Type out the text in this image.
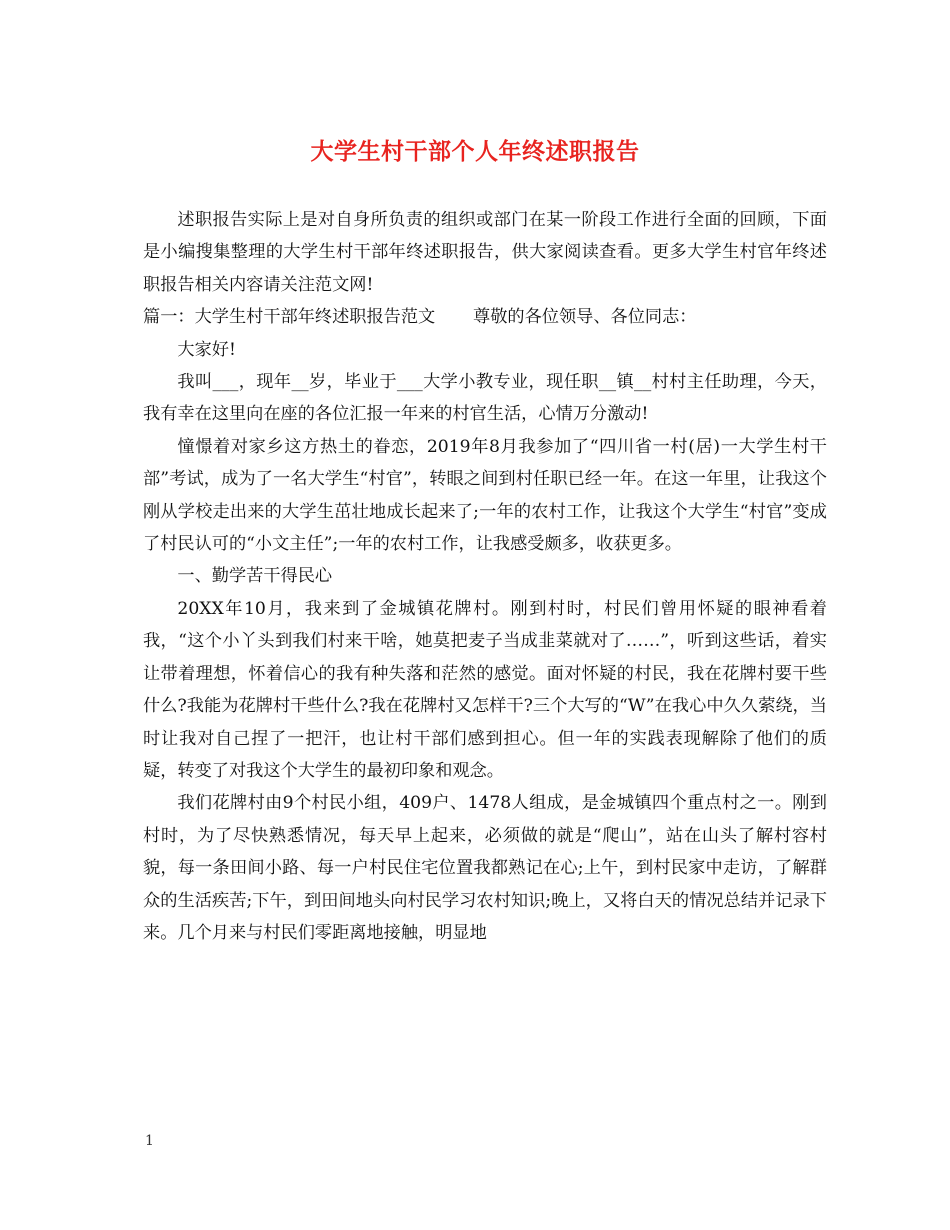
大学生村干部个人年终述职报告

述职报告实际上是对自身所负责的组织或部门在某一阶段工作进行全面的回顾，下面是小编搜集整理的大学生村干部年终述职报告，供大家阅读查看。更多大学生村官年终述职报告相关内容请关注范文网!

篇一：大学生村干部年终述职报告范文 尊敬的各位领导、各位同志：

大家好!

我叫___，现年__岁，毕业于___大学小教专业，现任职__镇__村村主任助理，今天，我有幸在这里向在座的各位汇报一年来的村官生活，心情万分激动!

憧憬着对家乡这方热土的眷恋，2019年8月我参加了“四川省一村(居)一大学生村干部”考试，成为了一名大学生“村官”，转眼之间到村任职已经一年。在这一年里，让我这个刚从学校走出来的大学生茁壮地成长起来了;一年的农村工作，让我这个大学生“村官”变成了村民认可的“小文主任”;一年的农村工作，让我感受颇多，收获更多。

一、勤学苦干得民心

20XX年10月，我来到了金城镇花牌村。刚到村时，村民们曾用怀疑的眼神看着我，“这个小丫头到我们村来干啥，她莫把麦子当成韭菜就对了……”，听到这些话，着实让带着理想，怀着信心的我有种失落和茫然的感觉。面对怀疑的村民，我在花牌村要干些什么?我能为花牌村干些什么?我在花牌村又怎样干?三个大写的“W”在我心中久久萦绕，当时让我对自己捏了一把汗，也让村干部们感到担心。但一年的实践表现解除了他们的质疑，转变了对我这个大学生的最初印象和观念。

我们花牌村由9个村民小组，409户、1478人组成，是金城镇四个重点村之一。刚到村时，为了尽快熟悉情况，每天早上起来，必须做的就是“爬山”，站在山头了解村容村貌，每一条田间小路、每一户村民住宅位置我都熟记在心;上午，到村民家中走访，了解群众的生活疾苦;下午，到田间地头向村民学习农村知识;晚上，又将白天的情况总结并记录下来。几个月来与村民们零距离地接触，明显地

1
